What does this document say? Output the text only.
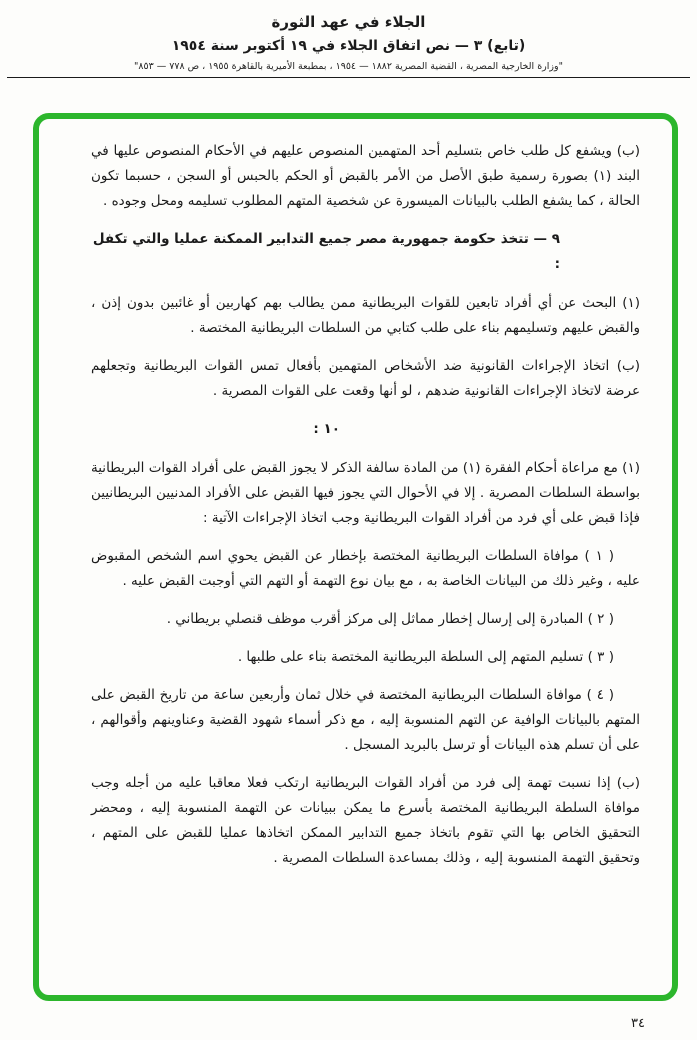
الجلاء في عهد الثورة
(تابع) ٣ — نص اتفاق الجلاء في ١٩ أكتوبر سنة ١٩٥٤
"وزارة الخارجية المصرية ، القضية المصرية ١٨٨٢ — ١٩٥٤ ، بمطبعة الأميرية بالقاهرة ١٩٥٥ ، ص ٧٧٨ — ٨٥٣"

(ب) ويشفع كل طلب خاص بتسليم أحد المتهمين المنصوص عليهم في الأحكام المنصوص عليها في البند (١) بصورة رسمية طبق الأصل من الأمر بالقبض أو الحكم بالحبس أو السجن ، حسبما تكون الحالة ، كما يشفع الطلب بالبيانات الميسورة عن شخصية المتهم المطلوب تسليمه ومحل وجوده .

٩ — تتخذ حكومة جمهورية مصر جميع التدابير الممكنة عمليا والتي تكفل :

(١) البحث عن أي أفراد تابعين للقوات البريطانية ممن يطالب بهم كهاربين أو غائبين بدون إذن ، والقبض عليهم وتسليمهم بناء على طلب كتابي من السلطات البريطانية المختصة .

(ب) اتخاذ الإجراءات القانونية ضد الأشخاص المتهمين بأفعال تمس القوات البريطانية وتجعلهم عرضة لاتخاذ الإجراءات القانونية ضدهم ، لو أنها وقعت على القوات المصرية .

١٠ :

(١) مع مراعاة أحكام الفقرة (١) من المادة سالفة الذكر لا يجوز القبض على أفراد القوات البريطانية بواسطة السلطات المصرية . إلا في الأحوال التي يجوز فيها القبض على الأفراد المدنيين البريطانيين فإذا قبض على أي فرد من أفراد القوات البريطانية وجب اتخاذ الإجراءات الآتية :

( ١ ) موافاة السلطات البريطانية المختصة بإخطار عن القبض يحوي اسم الشخص المقبوض عليه ، وغير ذلك من البيانات الخاصة به ، مع بيان نوع التهمة أو التهم التي أوجبت القبض عليه .

( ٢ ) المبادرة إلى إرسال إخطار مماثل إلى مركز أقرب موظف قنصلي بريطاني .

( ٣ ) تسليم المتهم إلى السلطة البريطانية المختصة بناء على طلبها .

( ٤ ) موافاة السلطات البريطانية المختصة في خلال ثمان وأربعين ساعة من تاريخ القبض على المتهم بالبيانات الوافية عن التهم المنسوبة إليه ، مع ذكر أسماء شهود القضية وعناوينهم وأقوالهم ، على أن تسلم هذه البيانات أو ترسل بالبريد المسجل .

(ب) إذا نسبت تهمة إلى فرد من أفراد القوات البريطانية ارتكب فعلا معاقبا عليه من أجله وجب موافاة السلطة البريطانية المختصة بأسرع ما يمكن ببيانات عن التهمة المنسوبة إليه ، ومحضر التحقيق الخاص بها التي تقوم باتخاذ جميع التدابير الممكن اتخاذها عمليا للقبض على المتهم ، وتحقيق التهمة المنسوبة إليه ، وذلك بمساعدة السلطات المصرية .

٣٤
